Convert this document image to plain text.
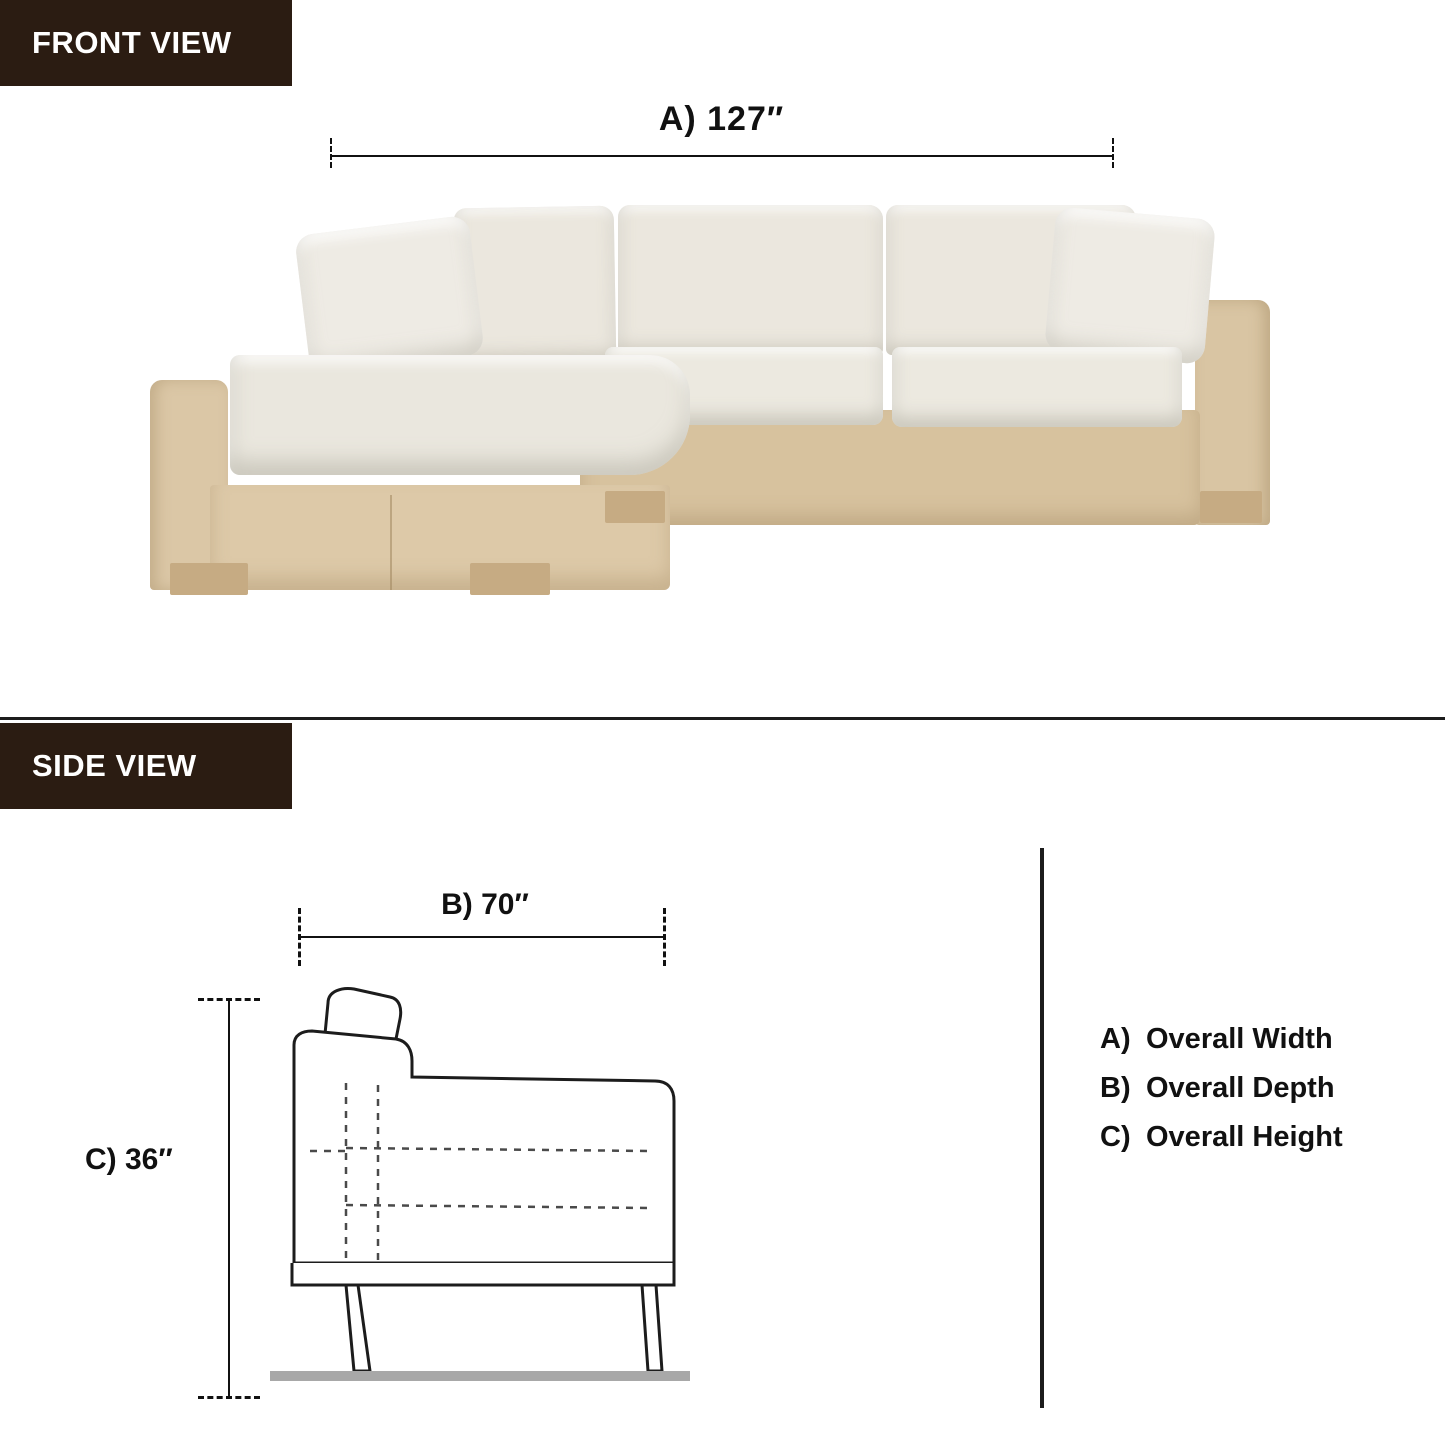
FRONT VIEW
A) 127″
SIDE VIEW
B) 70″
C) 36″
A) Overall Width
B) Overall Depth
C) Overall Height
